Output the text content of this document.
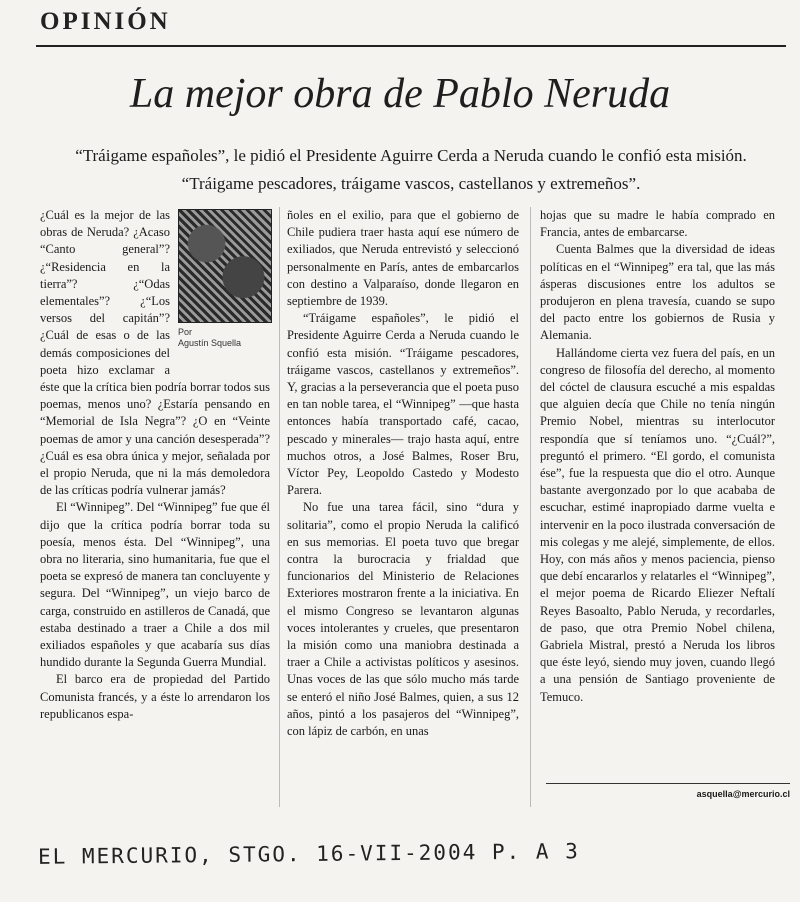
OPINIÓN
La mejor obra de Pablo Neruda
“Tráigame españoles”, le pidió el Presidente Aguirre Cerda a Neruda cuando le confió esta misión. “Tráigame pescadores, tráigame vascos, castellanos y extremeños”.

Por
Agustín Squella
¿Cuál es la mejor de las obras de Neruda? ¿Acaso “Canto general”? ¿“Residencia en la tierra”? ¿“Odas elementales”? ¿“Los versos del capitán”? ¿Cuál de esas o de las demás composiciones del poeta hizo exclamar a éste que la crítica bien podría borrar todos sus poemas, menos uno? ¿Estaría pensando en “Memorial de Isla Negra”? ¿O en “Veinte poemas de amor y una canción desesperada”? ¿Cuál es esa obra única y mejor, señalada por el propio Neruda, que ni la más demoledora de las críticas podría vulnerar jamás?

El “Winnipeg”. Del “Winnipeg” fue que él dijo que la crítica podría borrar toda su poesía, menos ésta. Del “Winnipeg”, una obra no literaria, sino humanitaria, fue que el poeta se expresó de manera tan concluyente y segura. Del “Winnipeg”, un viejo barco de carga, construido en astilleros de Canadá, que estaba destinado a traer a Chile a dos mil exiliados españoles y que acabaría sus días hundido durante la Segunda Guerra Mundial.

El barco era de propiedad del Partido Comunista francés, y a éste lo arrendaron los republicanos espa-

ñoles en el exilio, para que el gobierno de Chile pudiera traer hasta aquí ese número de exiliados, que Neruda entrevistó y seleccionó personalmente en París, antes de embarcarlos con destino a Valparaíso, donde llegaron en septiembre de 1939.

“Tráigame españoles”, le pidió el Presidente Aguirre Cerda a Neruda cuando le confió esta misión. “Tráigame pescadores, tráigame vascos, castellanos y extremeños”. Y, gracias a la perseverancia que el poeta puso en tan noble tarea, el “Winnipeg” —que hasta entonces había transportado café, cacao, pescado y minerales— trajo hasta aquí, entre muchos otros, a José Balmes, Roser Bru, Víctor Pey, Leopoldo Castedo y Modesto Parera.

No fue una tarea fácil, sino “dura y solitaria”, como el propio Neruda la calificó en sus memorias. El poeta tuvo que bregar contra la burocracia y frialdad que funcionarios del Ministerio de Relaciones Exteriores mostraron frente a la iniciativa. En el mismo Congreso se levantaron algunas voces intolerantes y crueles, que presentaron la misión como una maniobra destinada a traer a Chile a activistas políticos y asesinos. Unas voces de las que sólo mucho más tarde se enteró el niño José Balmes, quien, a sus 12 años, pintó a los pasajeros del “Winnipeg”, con lápiz de carbón, en unas

hojas que su madre le había comprado en Francia, antes de embarcarse.

Cuenta Balmes que la diversidad de ideas políticas en el “Winnipeg” era tal, que las más ásperas discusiones entre los adultos se produjeron en plena travesía, cuando se supo del pacto entre los gobiernos de Rusia y Alemania.

Hallándome cierta vez fuera del país, en un congreso de filosofía del derecho, al momento del cóctel de clausura escuché a mis espaldas que alguien decía que Chile no tenía ningún Premio Nobel, mientras su interlocutor respondía que sí teníamos uno. “¿Cuál?”, preguntó el primero. “El gordo, el comunista ése”, fue la respuesta que dio el otro. Aunque bastante avergonzado por lo que acababa de escuchar, estimé inapropiado darme vuelta e intervenir en la poco ilustrada conversación de mis colegas y me alejé, simplemente, de ellos. Hoy, con más años y menos paciencia, pienso que debí encararlos y relatarles el “Winnipeg”, el mejor poema de Ricardo Eliezer Neftalí Reyes Basoalto, Pablo Neruda, y recordarles, de paso, que otra Premio Nobel chilena, Gabriela Mistral, prestó a Neruda los libros que éste leyó, siendo muy joven, cuando llegó a una pensión de Santiago proveniente de Temuco.

asquella@mercurio.cl
EL MERCURIO, STGO. 16-VII-2004 P. A 3
